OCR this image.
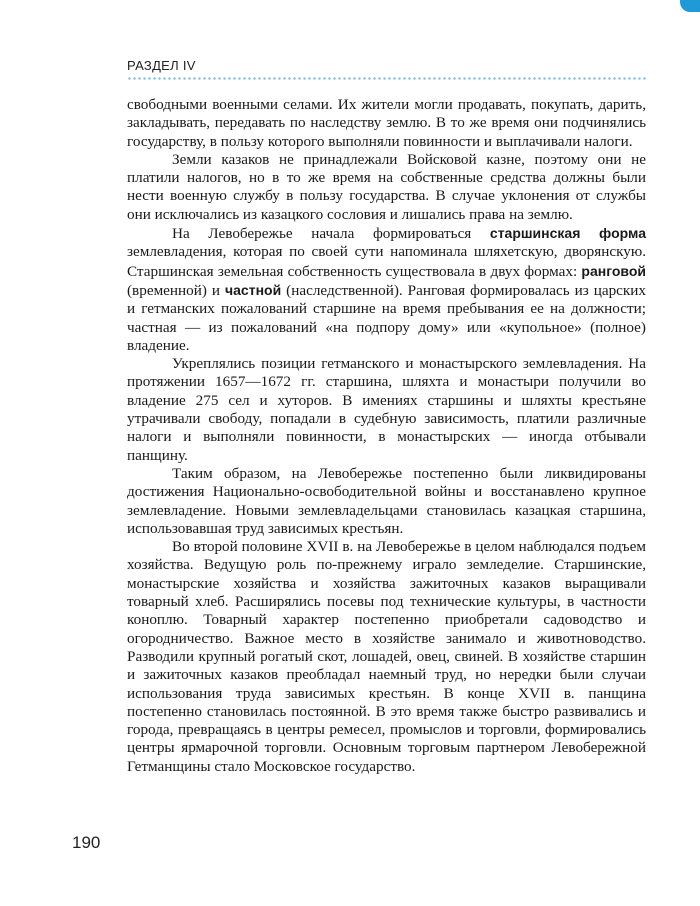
РАЗДЕЛ IV

свободными военными селами. Их жители могли продавать, покупать, дарить, закладывать, передавать по наследству землю. В то же время они подчинялись государству, в пользу которого выполняли повинности и выплачивали налоги.

Земли казаков не принадлежали Войсковой казне, поэтому они не платили налогов, но в то же время на собственные средства должны были нести военную службу в пользу государства. В случае уклонения от службы они исключались из казацкого сословия и лишались права на землю.

На Левобережье начала формироваться старшинская форма землевладения, которая по своей сути напоминала шляхетскую, дворянскую. Старшинская земельная собственность существовала в двух формах: ранговой (временной) и частной (наследственной). Ранговая формировалась из царских и гетманских пожалований старшине на время пребывания ее на должности; частная — из пожалований «на подпору дому» или «купольное» (полное) владение.

Укреплялись позиции гетманского и монастырского землевладения. На протяжении 1657—1672 гг. старшина, шляхта и монастыри получили во владение 275 сел и хуторов. В имениях старшины и шляхты крестьяне утрачивали свободу, попадали в судебную зависимость, платили различные налоги и выполняли повинности, в монастырских — иногда отбывали панщину.

Таким образом, на Левобережье постепенно были ликвидированы достижения Национально-освободительной войны и восстанавлено крупное землевладение. Новыми землевладельцами становилась казацкая старшина, использовавшая труд зависимых крестьян.

Во второй половине XVII в. на Левобережье в целом наблюдался подъем хозяйства. Ведущую роль по-прежнему играло земледелие. Старшинские, монастырские хозяйства и хозяйства зажиточных казаков выращивали товарный хлеб. Расширялись посевы под технические культуры, в частности коноплю. Товарный характер постепенно приобретали садоводство и огородничество. Важное место в хозяйстве занимало и животноводство. Разводили крупный рогатый скот, лошадей, овец, свиней. В хозяйстве старшин и зажиточных казаков преобладал наемный труд, но нередки были случаи использования труда зависимых крестьян. В конце XVII в. панщина постепенно становилась постоянной. В это время также быстро развивались и города, превращаясь в центры ремесел, промыслов и торговли, формировались центры ярмарочной торговли. Основным торговым партнером Левобережной Гетманщины стало Московское государство.

190
